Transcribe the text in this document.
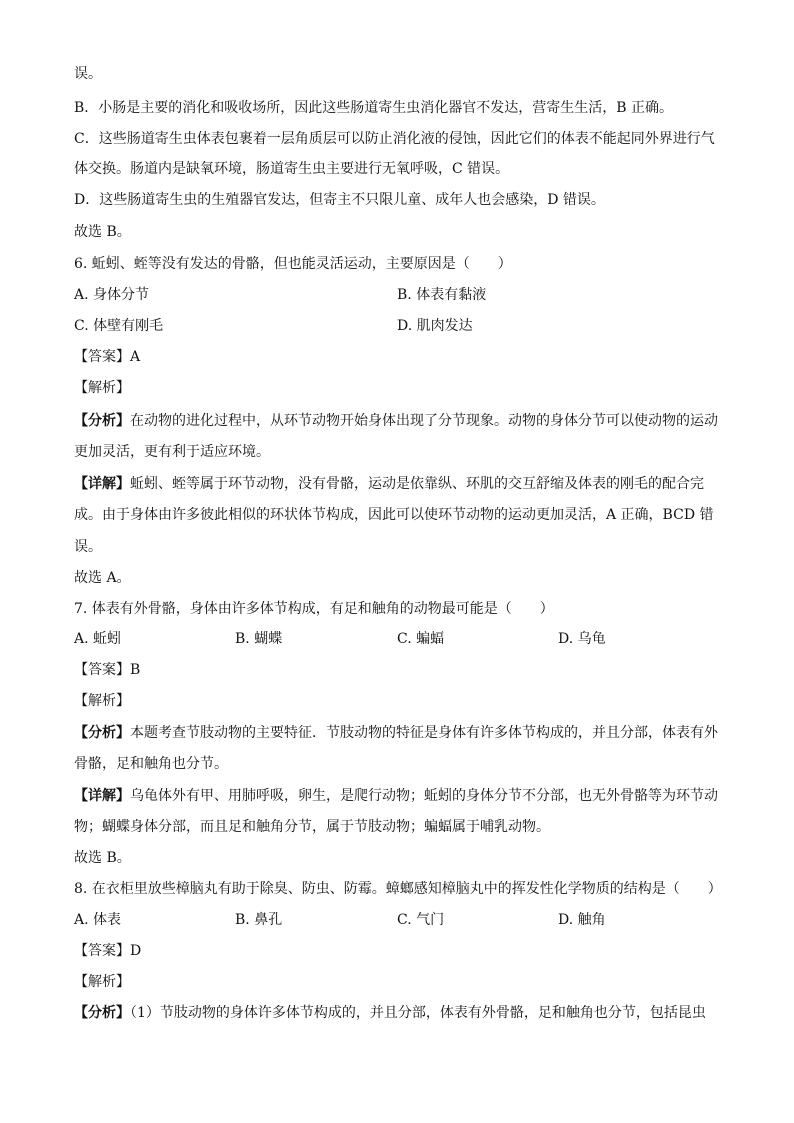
误。
B．小肠是主要的消化和吸收场所，因此这些肠道寄生虫消化器官不发达，营寄生生活，B 正确。
C．这些肠道寄生虫体表包裹着一层角质层可以防止消化液的侵蚀，因此它们的体表不能起同外界进行气
体交换。肠道内是缺氧环境，肠道寄生虫主要进行无氧呼吸，C 错误。
D．这些肠道寄生虫的生殖器官发达，但寄主不只限儿童、成年人也会感染，D 错误。
故选 B。
6. 蚯蚓、蛭等没有发达的骨骼，但也能灵活运动，主要原因是（　　）
A. 身体分节	B. 体表有黏液
C. 体壁有刚毛	D. 肌肉发达
【答案】A
【解析】
【分析】在动物的进化过程中，从环节动物开始身体出现了分节现象。动物的身体分节可以使动物的运动
更加灵活，更有利于适应环境。
【详解】蚯蚓、蛭等属于环节动物，没有骨骼，运动是依靠纵、环肌的交互舒缩及体表的刚毛的配合完
成。由于身体由许多彼此相似的环状体节构成，因此可以使环节动物的运动更加灵活，A 正确，BCD 错
误。
故选 A。
7. 体表有外骨骼，身体由许多体节构成，有足和触角的动物最可能是（　　）
A. 蚯蚓	B. 蝴蝶	C. 蝙蝠	D. 乌龟
【答案】B
【解析】
【分析】本题考查节肢动物的主要特征．节肢动物的特征是身体有许多体节构成的，并且分部，体表有外
骨骼，足和触角也分节。
【详解】乌龟体外有甲、用肺呼吸，卵生，是爬行动物；蚯蚓的身体分节不分部，也无外骨骼等为环节动
物；蝴蝶身体分部，而且足和触角分节，属于节肢动物；蝙蝠属于哺乳动物。
故选 B。
8. 在衣柜里放些樟脑丸有助于除臭、防虫、防霉。蟑螂感知樟脑丸中的挥发性化学物质的结构是（　　）
A. 体表	B. 鼻孔	C. 气门	D. 触角
【答案】D
【解析】
【分析】（1）节肢动物的身体许多体节构成的，并且分部，体表有外骨骼，足和触角也分节，包括昆虫
